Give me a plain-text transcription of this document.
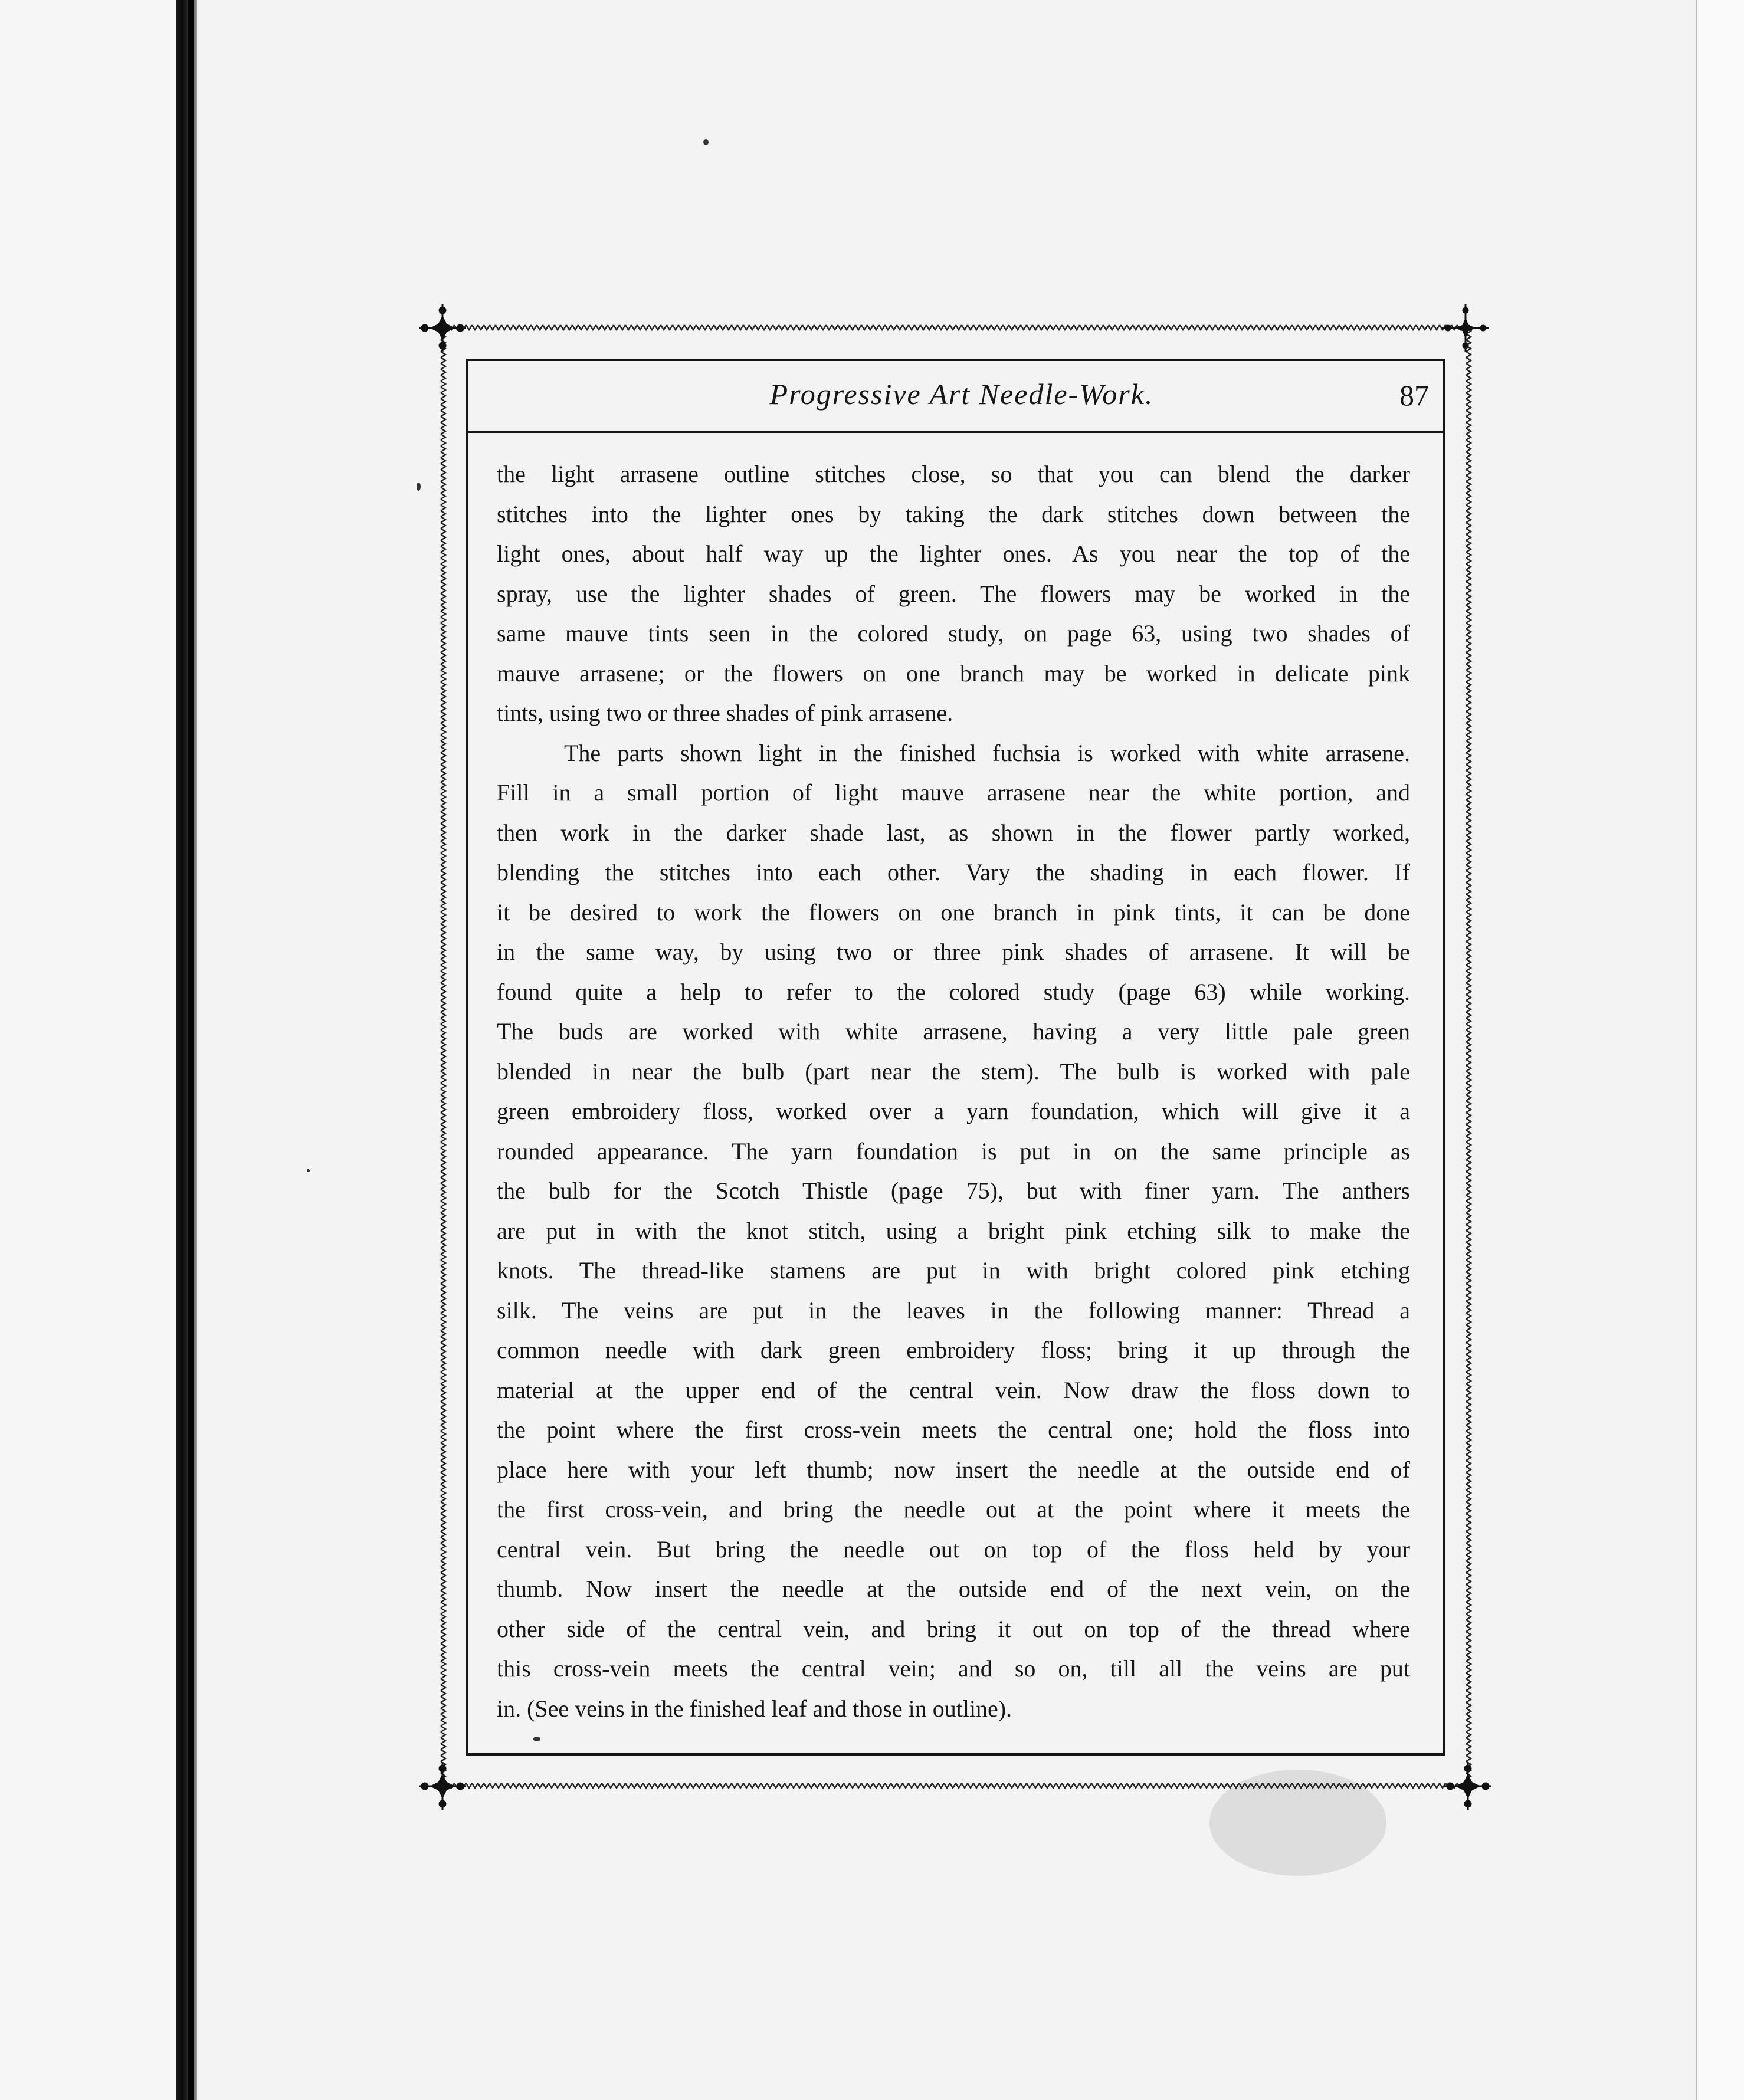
Progressive Art Needle-Work.	87

the light arrasene outline stitches close, so that you can blend the darker

stitches into the lighter ones by taking the dark stitches down between the

light ones, about half way up the lighter ones. As you near the top of the

spray, use the lighter shades of green. The flowers may be worked in the

same mauve tints seen in the colored study, on page 63, using two shades of

mauve arrasene; or the flowers on one branch may be worked in delicate pink

tints, using two or three shades of pink arrasene.

The parts shown light in the finished fuchsia is worked with white arrasene.

Fill in a small portion of light mauve arrasene near the white portion, and

then work in the darker shade last, as shown in the flower partly worked,

blending the stitches into each other. Vary the shading in each flower. If

it be desired to work the flowers on one branch in pink tints, it can be done

in the same way, by using two or three pink shades of arrasene. It will be

found quite a help to refer to the colored study (page 63) while working.

The buds are worked with white arrasene, having a very little pale green

blended in near the bulb (part near the stem). The bulb is worked with pale

green embroidery floss, worked over a yarn foundation, which will give it a

rounded appearance. The yarn foundation is put in on the same principle as

the bulb for the Scotch Thistle (page 75), but with finer yarn. The anthers

are put in with the knot stitch, using a bright pink etching silk to make the

knots. The thread-like stamens are put in with bright colored pink etching

silk. The veins are put in the leaves in the following manner: Thread a

common needle with dark green embroidery floss; bring it up through the

material at the upper end of the central vein. Now draw the floss down to

the point where the first cross-vein meets the central one; hold the floss into

place here with your left thumb; now insert the needle at the outside end of

the first cross-vein, and bring the needle out at the point where it meets the

central vein. But bring the needle out on top of the floss held by your

thumb. Now insert the needle at the outside end of the next vein, on the

other side of the central vein, and bring it out on top of the thread where

this cross-vein meets the central vein; and so on, till all the veins are put

in. (See veins in the finished leaf and those in outline).
